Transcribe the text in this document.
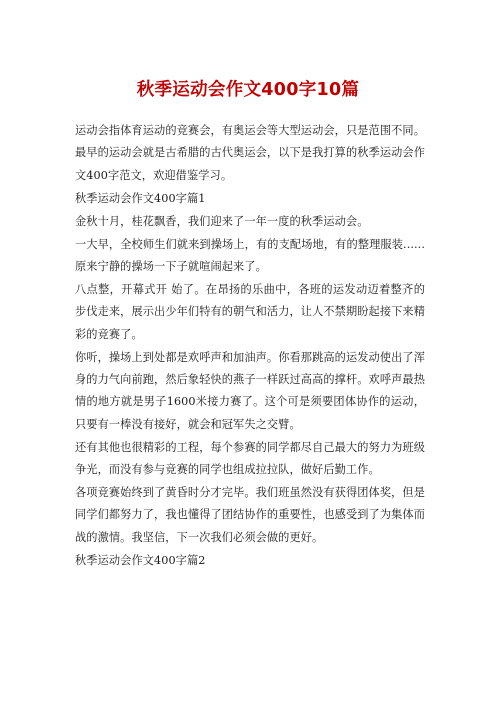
秋季运动会作文400字10篇

运动会指体育运动的竞赛会，有奥运会等大型运动会，只是范围不同。最早的运动会就是古希腊的古代奥运会，以下是我打算的秋季运动会作文400字范文，欢迎借鉴学习。

秋季运动会作文400字篇1

金秋十月，桂花飘香，我们迎来了一年一度的秋季运动会。

一大早，全校师生们就来到操场上，有的支配场地，有的整理服装......原来宁静的操场一下子就喧闹起来了。

八点整，开幕式开 始了。在昂扬的乐曲中，各班的运发动迈着整齐的步伐走来，展示出少年们特有的朝气和活力，让人不禁期盼起接下来精彩的竞赛了。

你听，操场上到处都是欢呼声和加油声。你看那跳高的运发动使出了浑身的力气向前跑，然后象轻快的燕子一样跃过高高的撑杆。欢呼声最热情的地方就是男子1600米接力赛了。这个可是须要团体协作的运动，只要有一棒没有接好，就会和冠军失之交臂。

还有其他也很精彩的工程，每个参赛的同学都尽自己最大的努力为班级争光，而没有参与竞赛的同学也组成拉拉队，做好后勤工作。

各项竞赛始终到了黄昏时分才完毕。我们班虽然没有获得团体奖，但是同学们都努力了，我也懂得了团结协作的重要性，也感受到了为集体而战的激情。我坚信，下一次我们必须会做的更好。

秋季运动会作文400字篇2
